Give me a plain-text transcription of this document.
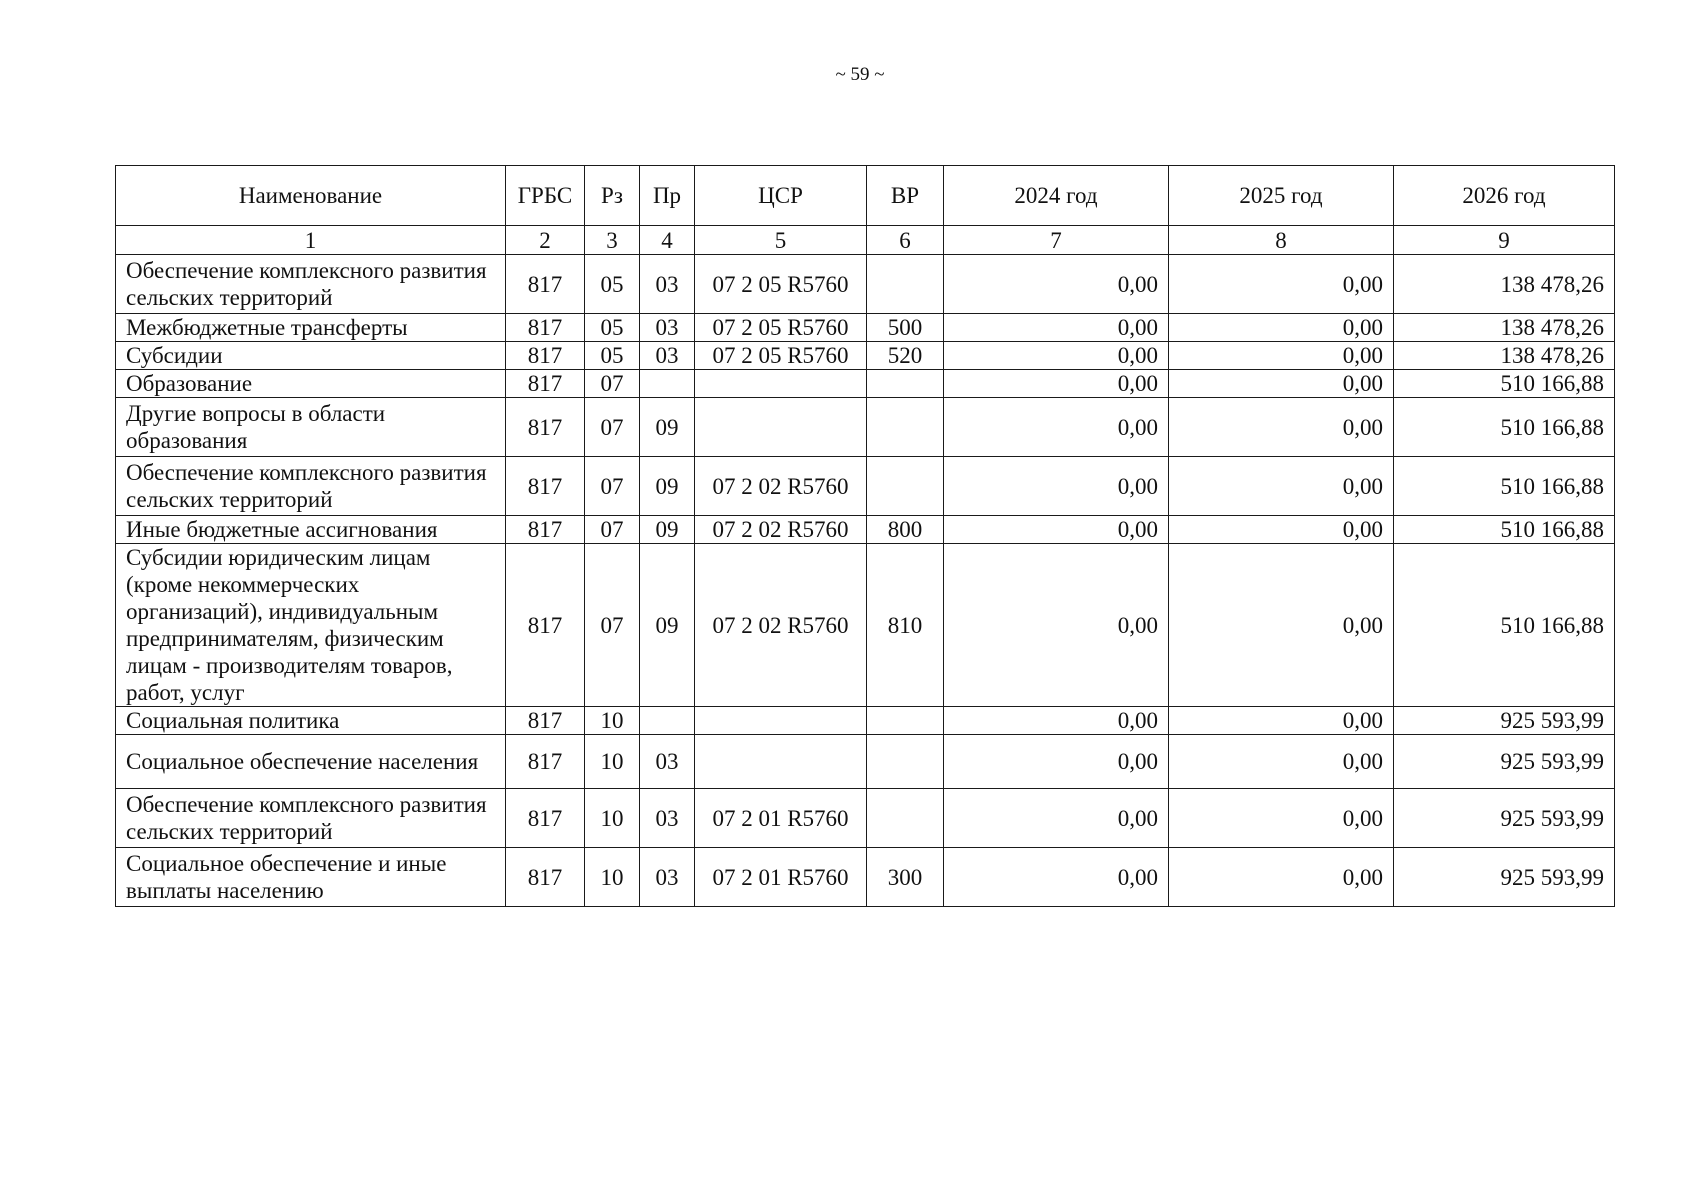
~ 59 ~
Наименование	ГРБС	Рз	Пр	ЦСР	ВР	2024 год	2025 год	2026 год
1	2	3	4	5	6	7	8	9
Обеспечение комплексного развития сельских территорий	817	05	03	07 2 05 R5760		0,00	0,00	138 478,26
Межбюджетные трансферты	817	05	03	07 2 05 R5760	500	0,00	0,00	138 478,26
Субсидии	817	05	03	07 2 05 R5760	520	0,00	0,00	138 478,26
Образование	817	07				0,00	0,00	510 166,88
Другие вопросы в области образования	817	07	09			0,00	0,00	510 166,88
Обеспечение комплексного развития сельских территорий	817	07	09	07 2 02 R5760		0,00	0,00	510 166,88
Иные бюджетные ассигнования	817	07	09	07 2 02 R5760	800	0,00	0,00	510 166,88
Субсидии юридическим лицам (кроме некоммерческих организаций), индивидуальным предпринимателям, физическим лицам - производителям товаров, работ, услуг	817	07	09	07 2 02 R5760	810	0,00	0,00	510 166,88
Социальная политика	817	10				0,00	0,00	925 593,99
Социальное обеспечение населения	817	10	03			0,00	0,00	925 593,99
Обеспечение комплексного развития сельских территорий	817	10	03	07 2 01 R5760		0,00	0,00	925 593,99
Социальное обеспечение и иные выплаты населению	817	10	03	07 2 01 R5760	300	0,00	0,00	925 593,99
